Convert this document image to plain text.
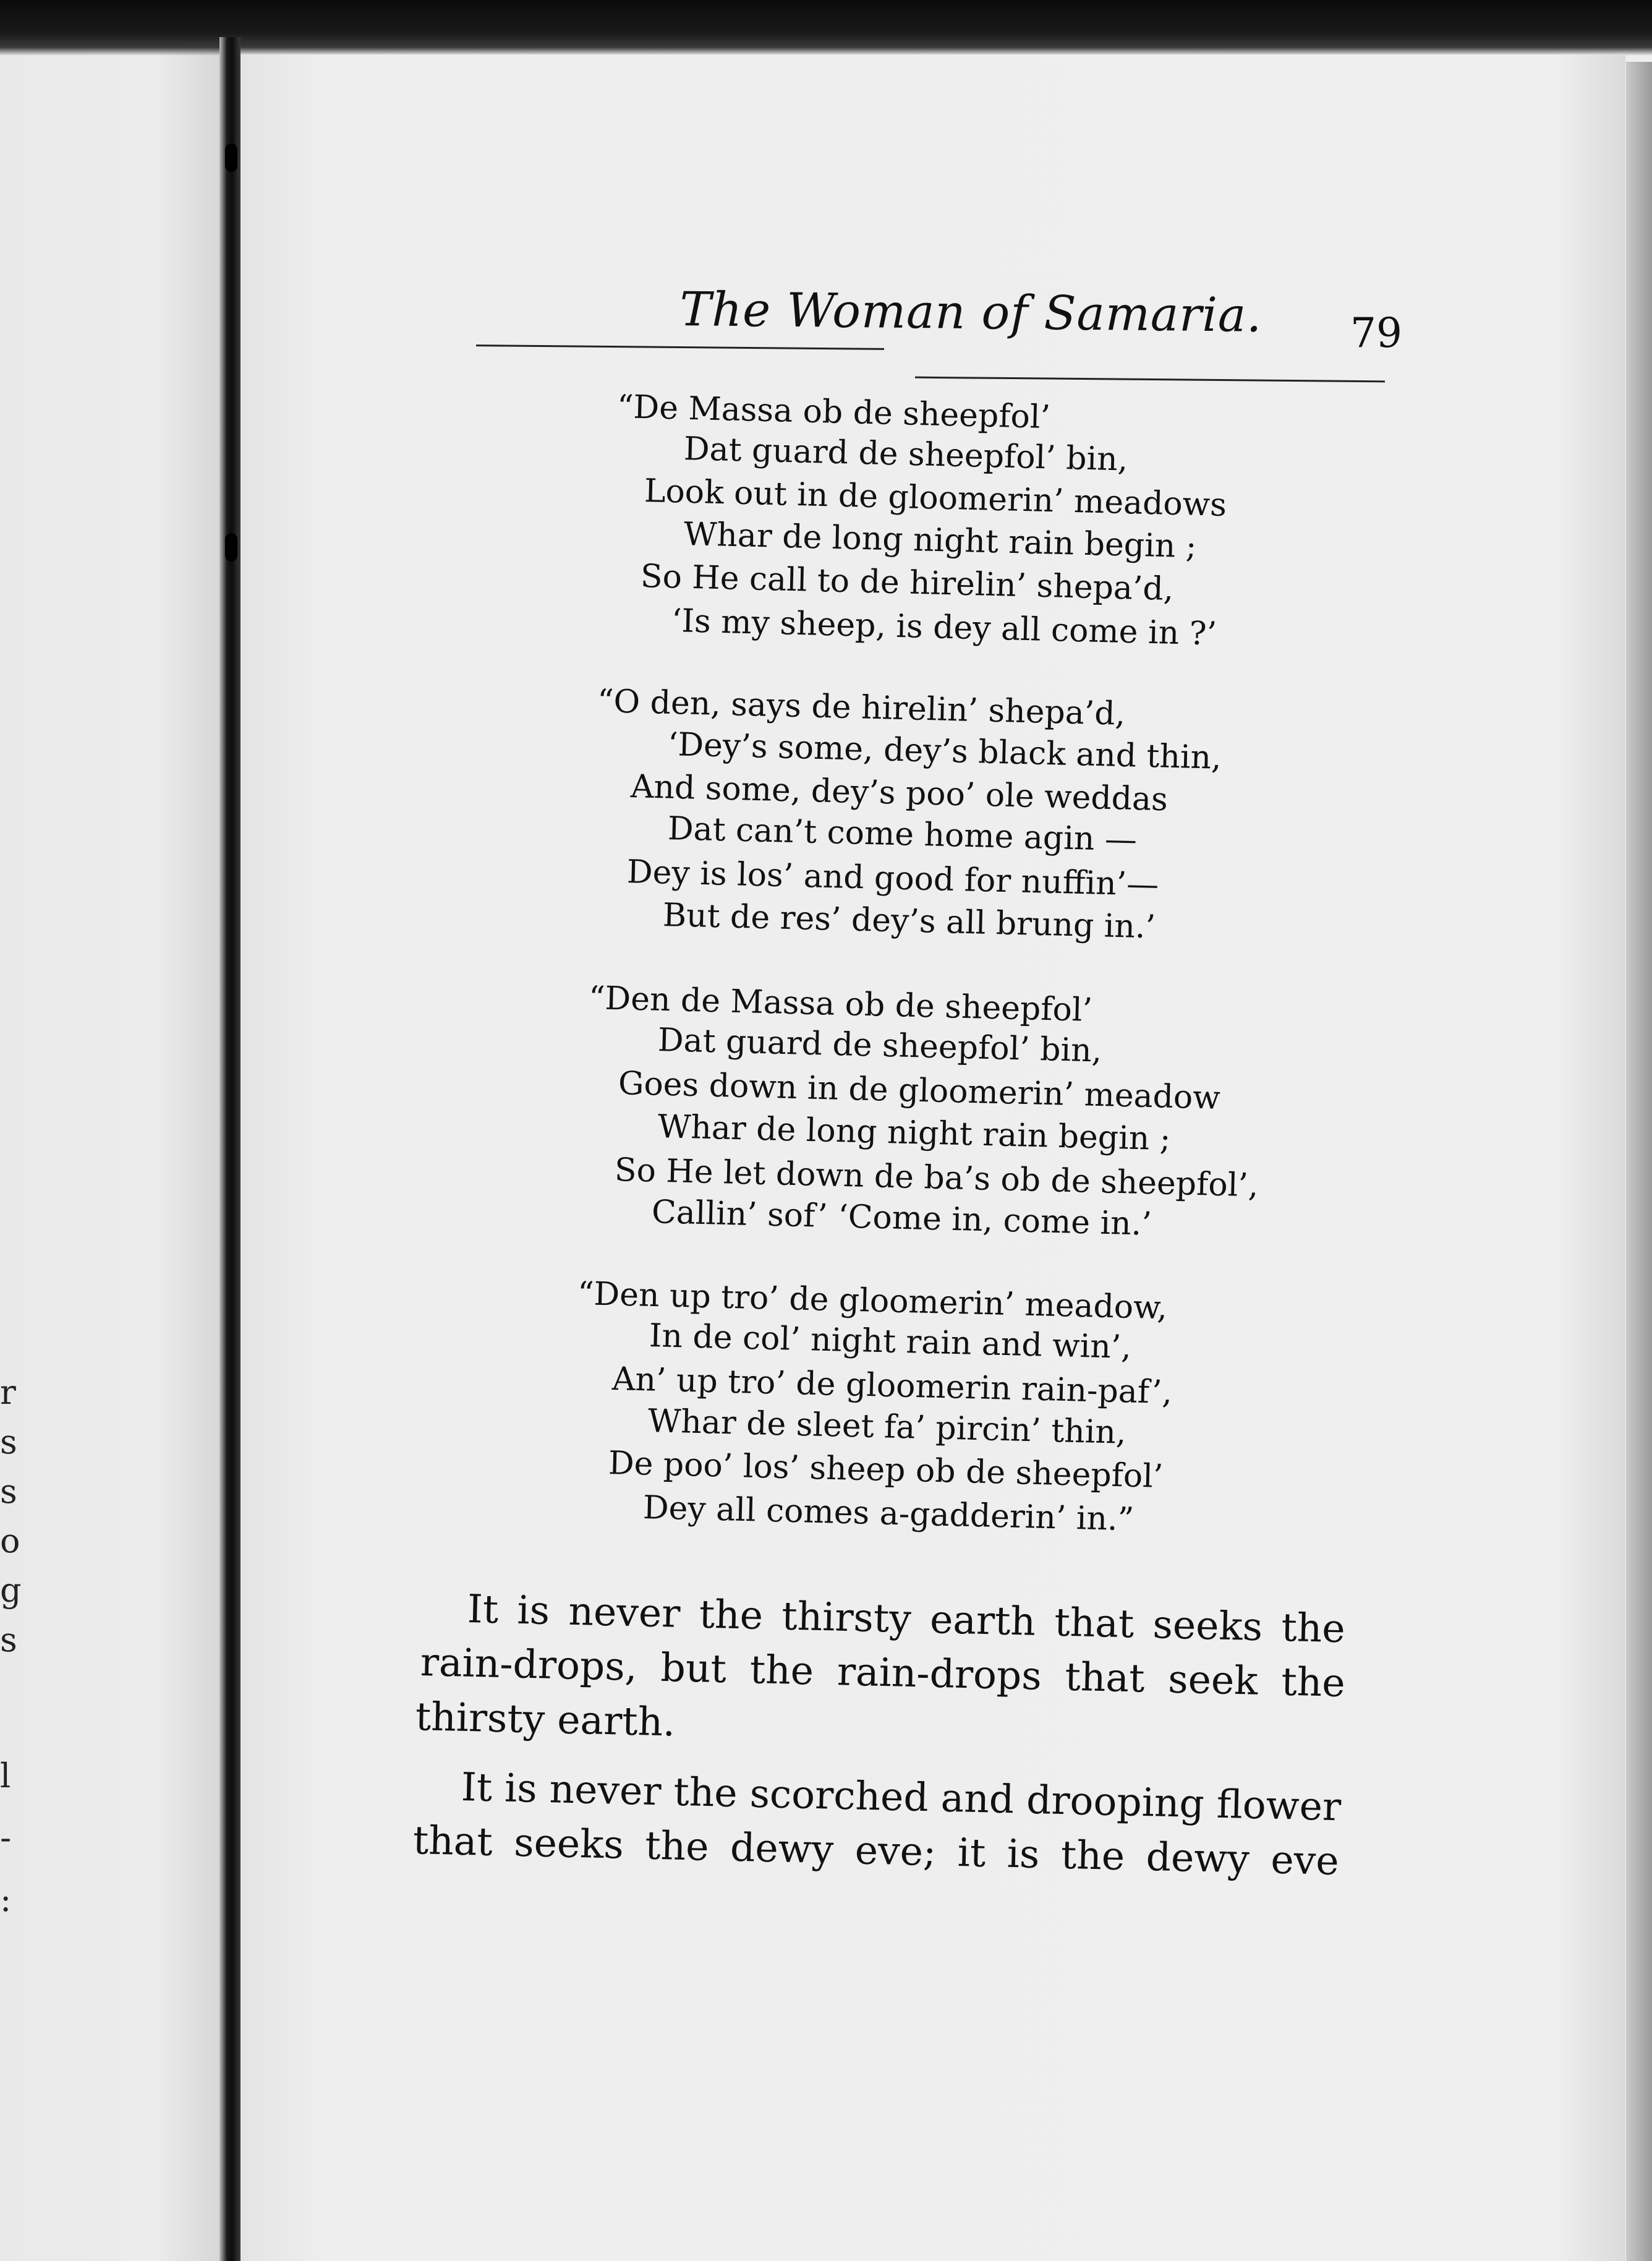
r
s
s
o
g
s
l
-
:
The Woman of Samaria. 79
“De Massa ob de sheepfol’
Dat guard de sheepfol’ bin,
Look out in de gloomerin’ meadows
Whar de long night rain begin ;
So He call to de hirelin’ shepa’d,
‘Is my sheep, is dey all come in ?’
“O den, says de hirelin’ shepa’d,
‘Dey’s some, dey’s black and thin,
And some, dey’s poo’ ole weddas
Dat can’t come home agin —
Dey is los’ and good for nuffin’—
But de res’ dey’s all brung in.’
“Den de Massa ob de sheepfol’
Dat guard de sheepfol’ bin,
Goes down in de gloomerin’ meadow
Whar de long night rain begin ;
So He let down de ba’s ob de sheepfol’,
Callin’ sof’ ‘Come in, come in.’
“Den up tro’ de gloomerin’ meadow,
In de col’ night rain and win’,
An’ up tro’ de gloomerin rain-paf’,
Whar de sleet fa’ pircin’ thin,
De poo’ los’ sheep ob de sheepfol’
Dey all comes a-gadderin’ in.”
It is never the thirsty earth that seeks the
rain-drops, but the rain-drops that seek the
thirsty earth.
It is never the scorched and drooping flower
that seeks the dewy eve; it is the dewy eve
